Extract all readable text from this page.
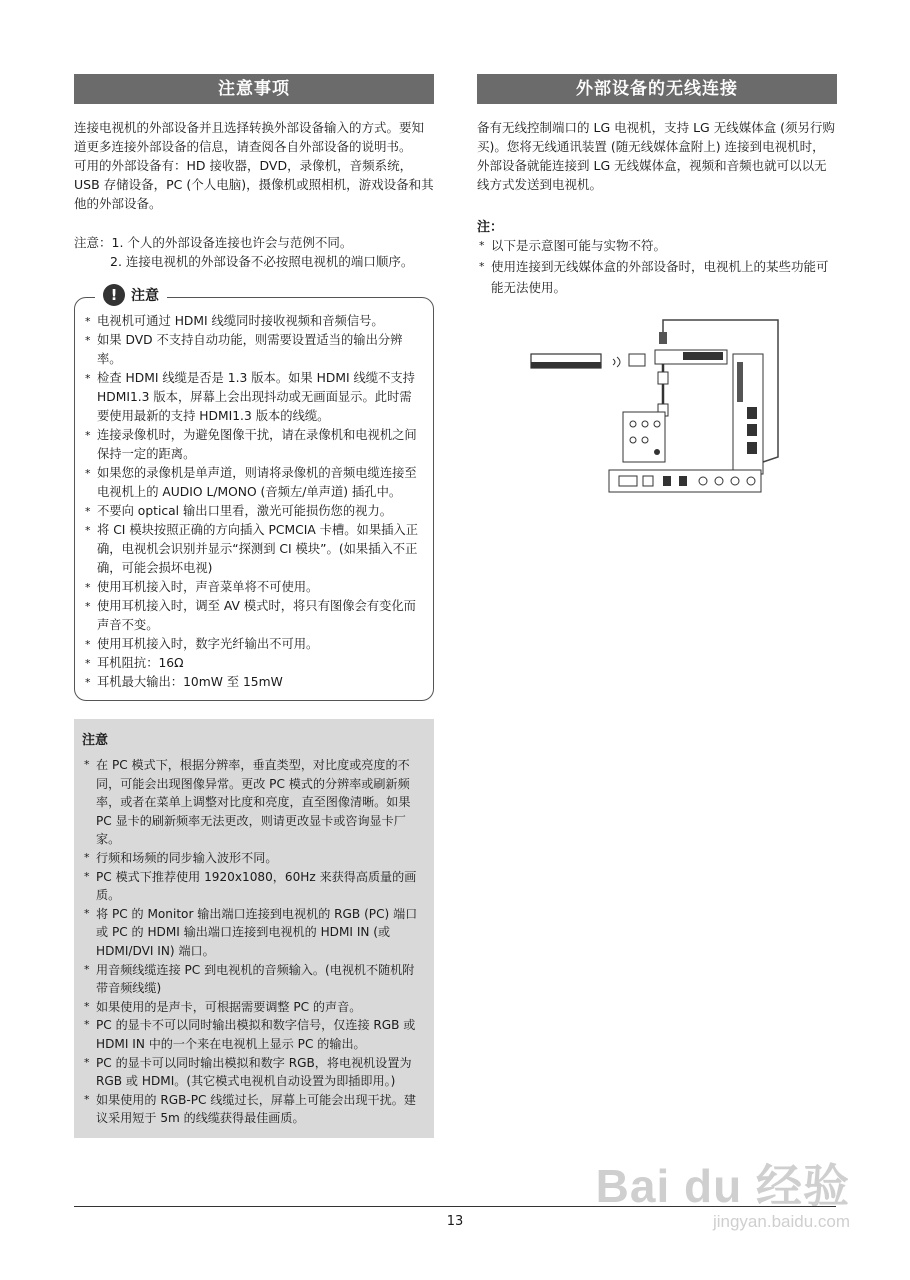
注意事项

连接电视机的外部设备并且选择转换外部设备输入的方式。要知道更多连接外部设备的信息，请查阅各自外部设备的说明书。

可用的外部设备有：HD 接收器，DVD，录像机，音频系统，USB 存储设备，PC (个人电脑)，摄像机或照相机，游戏设备和其他的外部设备。

注意：1. 个人的外部设备连接也许会与范例不同。

2. 连接电视机的外部设备不必按照电视机的端口顺序。

! 注意
* 电视机可通过 HDMI 线缆同时接收视频和音频信号。
* 如果 DVD 不支持自动功能，则需要设置适当的输出分辨率。
* 检查 HDMI 线缆是否是 1.3 版本。如果 HDMI 线缆不支持 HDMI1.3 版本，屏幕上会出现抖动或无画面显示。此时需要使用最新的支持 HDMI1.3 版本的线缆。
* 连接录像机时，为避免图像干扰，请在录像机和电视机之间保持一定的距离。
* 如果您的录像机是单声道，则请将录像机的音频电缆连接至电视机上的 AUDIO L/MONO (音频左/单声道) 插孔中。
* 不要向 optical 输出口里看，激光可能损伤您的视力。
* 将 CI 模块按照正确的方向插入 PCMCIA 卡槽。如果插入正确，电视机会识别并显示“探测到 CI 模块”。(如果插入不正确，可能会损坏电视)
* 使用耳机接入时，声音菜单将不可使用。
* 使用耳机接入时，调至 AV 模式时，将只有图像会有变化而声音不变。
* 使用耳机接入时，数字光纤输出不可用。
* 耳机阻抗：16Ω
* 耳机最大输出：10mW 至 15mW
注意
* 在 PC 模式下，根据分辨率，垂直类型，对比度或亮度的不同，可能会出现图像异常。更改 PC 模式的分辨率或刷新频率，或者在菜单上调整对比度和亮度，直至图像清晰。如果 PC 显卡的刷新频率无法更改，则请更改显卡或咨询显卡厂家。
* 行频和场频的同步输入波形不同。
* PC 模式下推荐使用 1920x1080，60Hz 来获得高质量的画质。
* 将 PC 的 Monitor 输出端口连接到电视机的 RGB (PC) 端口或 PC 的 HDMI 输出端口连接到电视机的 HDMI IN (或 HDMI/DVI IN) 端口。
* 用音频线缆连接 PC 到电视机的音频输入。(电视机不随机附带音频线缆)
* 如果使用的是声卡，可根据需要调整 PC 的声音。
* PC 的显卡不可以同时输出模拟和数字信号，仅连接 RGB 或 HDMI IN 中的一个来在电视机上显示 PC 的输出。
* PC 的显卡可以同时输出模拟和数字 RGB，将电视机设置为 RGB 或 HDMI。(其它模式电视机自动设置为即插即用。)
* 如果使用的 RGB-PC 线缆过长，屏幕上可能会出现干扰。建议采用短于 5m 的线缆获得最佳画质。
外部设备的无线连接

备有无线控制端口的 LG 电视机，支持 LG 无线媒体盒 (须另行购买)。您将无线通讯装置 (随无线媒体盒附上) 连接到电视机时，外部设备就能连接到 LG 无线媒体盒，视频和音频也就可以以无线方式发送到电视机。

注：
* 以下是示意图可能与实物不符。
* 使用连接到无线媒体盒的外部设备时，电视机上的某些功能可能无法使用。
Bai du 经验
jingyan.baidu.com
13
